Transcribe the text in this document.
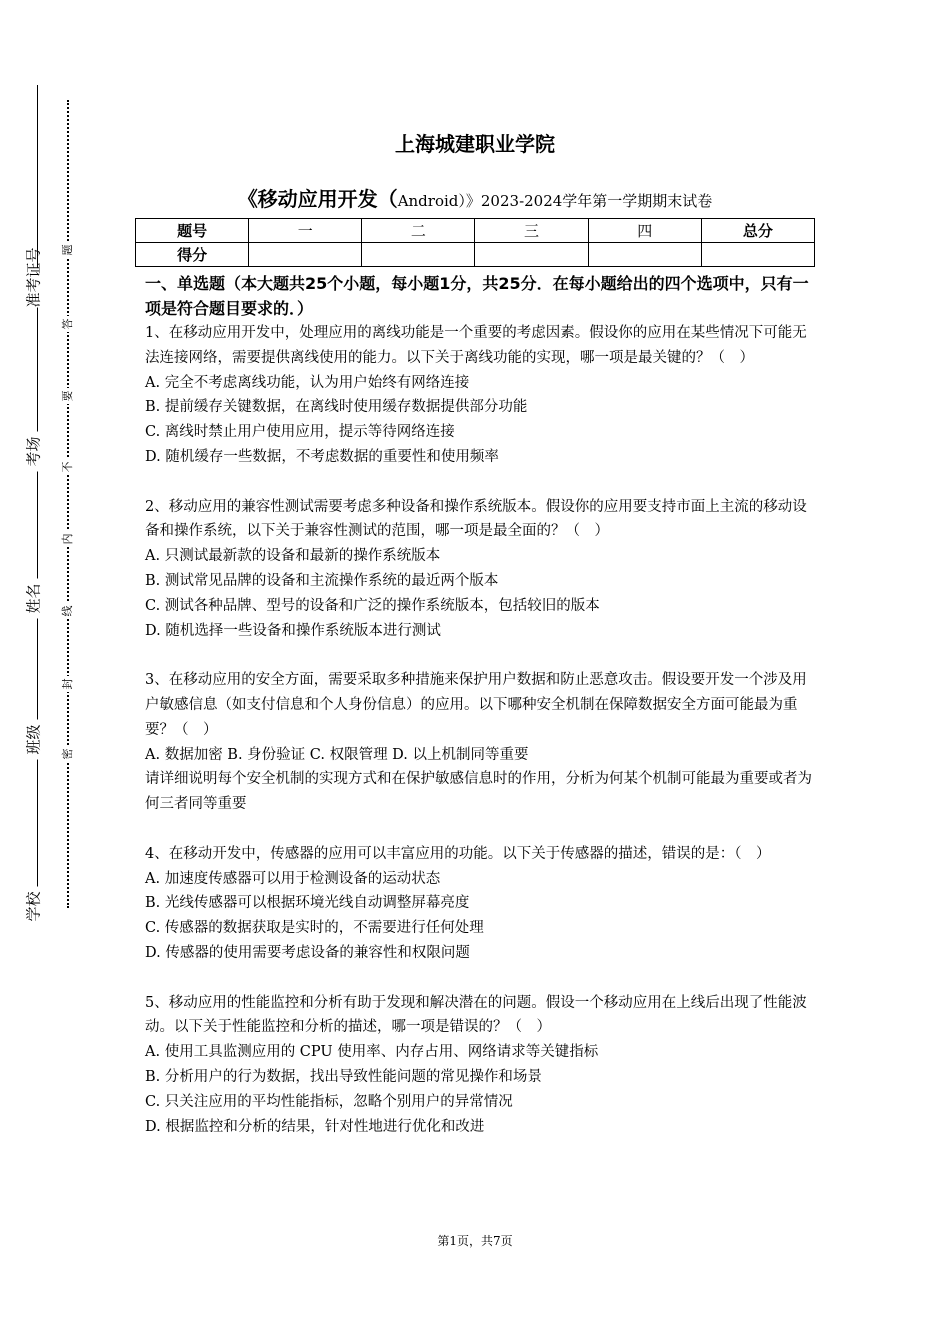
准考证号
考场
姓名
班级
学校
题
答
要
不
内
线
封
密
上海城建职业学院
《移动应用开发（Android）》2023-2024学年第一学期期末试卷
题号	一	二	三	四	总分
得分					
一、单选题（本大题共25个小题，每小题1分，共25分．在每小题给出的四个选项中，只有一项是符合题目要求的．）

1、在移动应用开发中，处理应用的离线功能是一个重要的考虑因素。假设你的应用在某些情况下可能无法连接网络，需要提供离线使用的能力。以下关于离线功能的实现，哪一项是最关键的？（　）

A. 完全不考虑离线功能，认为用户始终有网络连接

B. 提前缓存关键数据，在离线时使用缓存数据提供部分功能

C. 离线时禁止用户使用应用，提示等待网络连接

D. 随机缓存一些数据，不考虑数据的重要性和使用频率

2、移动应用的兼容性测试需要考虑多种设备和操作系统版本。假设你的应用要支持市面上主流的移动设备和操作系统，以下关于兼容性测试的范围，哪一项是最全面的？（　）

A. 只测试最新款的设备和最新的操作系统版本

B. 测试常见品牌的设备和主流操作系统的最近两个版本

C. 测试各种品牌、型号的设备和广泛的操作系统版本，包括较旧的版本

D. 随机选择一些设备和操作系统版本进行测试

3、在移动应用的安全方面，需要采取多种措施来保护用户数据和防止恶意攻击。假设要开发一个涉及用户敏感信息（如支付信息和个人身份信息）的应用。以下哪种安全机制在保障数据安全方面可能最为重要？（　）

A. 数据加密 B. 身份验证 C. 权限管理 D. 以上机制同等重要

请详细说明每个安全机制的实现方式和在保护敏感信息时的作用，分析为何某个机制可能最为重要或者为何三者同等重要

4、在移动开发中，传感器的应用可以丰富应用的功能。以下关于传感器的描述，错误的是：（　）

A. 加速度传感器可以用于检测设备的运动状态

B. 光线传感器可以根据环境光线自动调整屏幕亮度

C. 传感器的数据获取是实时的，不需要进行任何处理

D. 传感器的使用需要考虑设备的兼容性和权限问题

5、移动应用的性能监控和分析有助于发现和解决潜在的问题。假设一个移动应用在上线后出现了性能波动。以下关于性能监控和分析的描述，哪一项是错误的？（　）

A. 使用工具监测应用的 CPU 使用率、内存占用、网络请求等关键指标

B. 分析用户的行为数据，找出导致性能问题的常见操作和场景

C. 只关注应用的平均性能指标，忽略个别用户的异常情况

D. 根据监控和分析的结果，针对性地进行优化和改进

第1页，共7页
